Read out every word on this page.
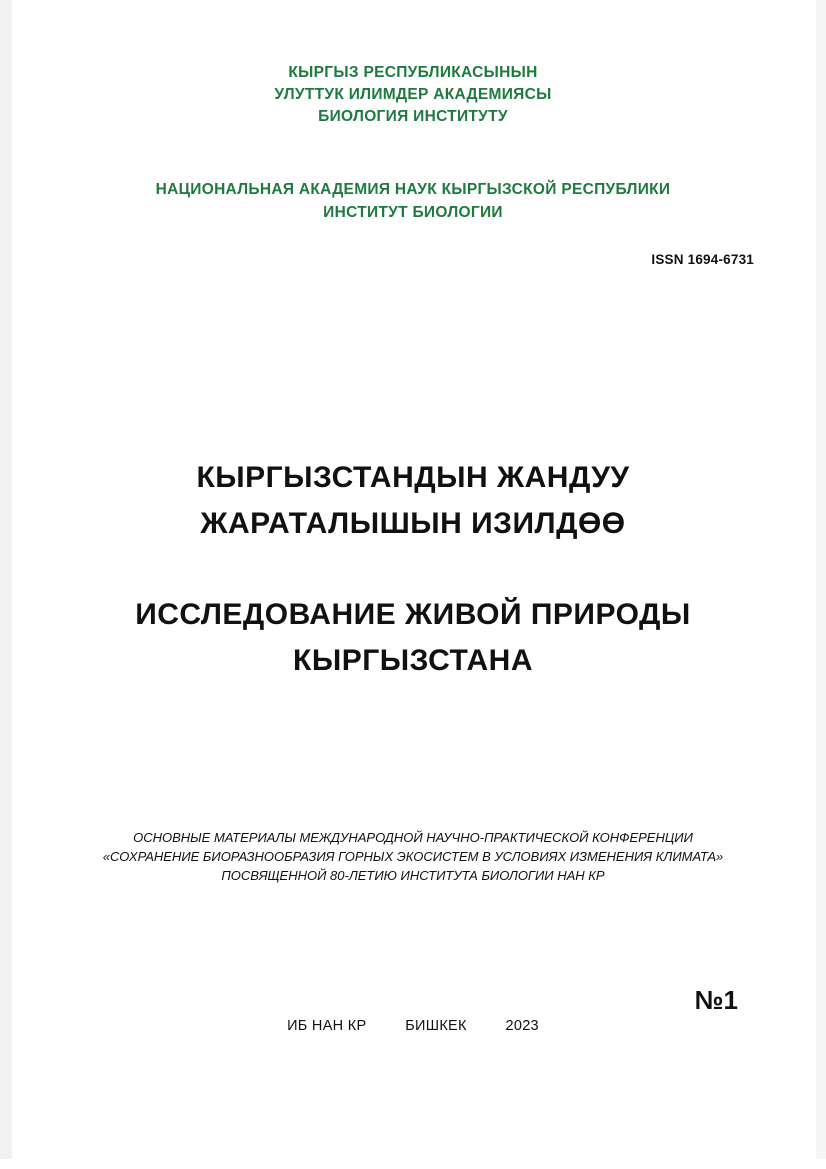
КЫРГЫЗ РЕСПУБЛИКАСЫНЫН
УЛУТТУК ИЛИМДЕР АКАДЕМИЯСЫ
БИОЛОГИЯ ИНСТИТУТУ
НАЦИОНАЛЬНАЯ АКАДЕМИЯ НАУК КЫРГЫЗСКОЙ РЕСПУБЛИКИ
ИНСТИТУТ БИОЛОГИИ
ISSN 1694-6731
КЫРГЫЗСТАНДЫН ЖАНДУУ
ЖАРАТАЛЫШЫН ИЗИЛДӨӨ
ИССЛЕДОВАНИЕ ЖИВОЙ ПРИРОДЫ
КЫРГЫЗСТАНА
ОСНОВНЫЕ МАТЕРИАЛЫ МЕЖДУНАРОДНОЙ НАУЧНО-ПРАКТИЧЕСКОЙ КОНФЕРЕНЦИИ
«СОХРАНЕНИЕ БИОРАЗНООБРАЗИЯ ГОРНЫХ ЭКОСИСТЕМ В УСЛОВИЯХ ИЗМЕНЕНИЯ КЛИМАТА»
ПОСВЯЩЕННОЙ 80-ЛЕТИЮ ИНСТИТУТА БИОЛОГИИ НАН КР
№1
ИБ НАН КР	БИШКЕК	2023
